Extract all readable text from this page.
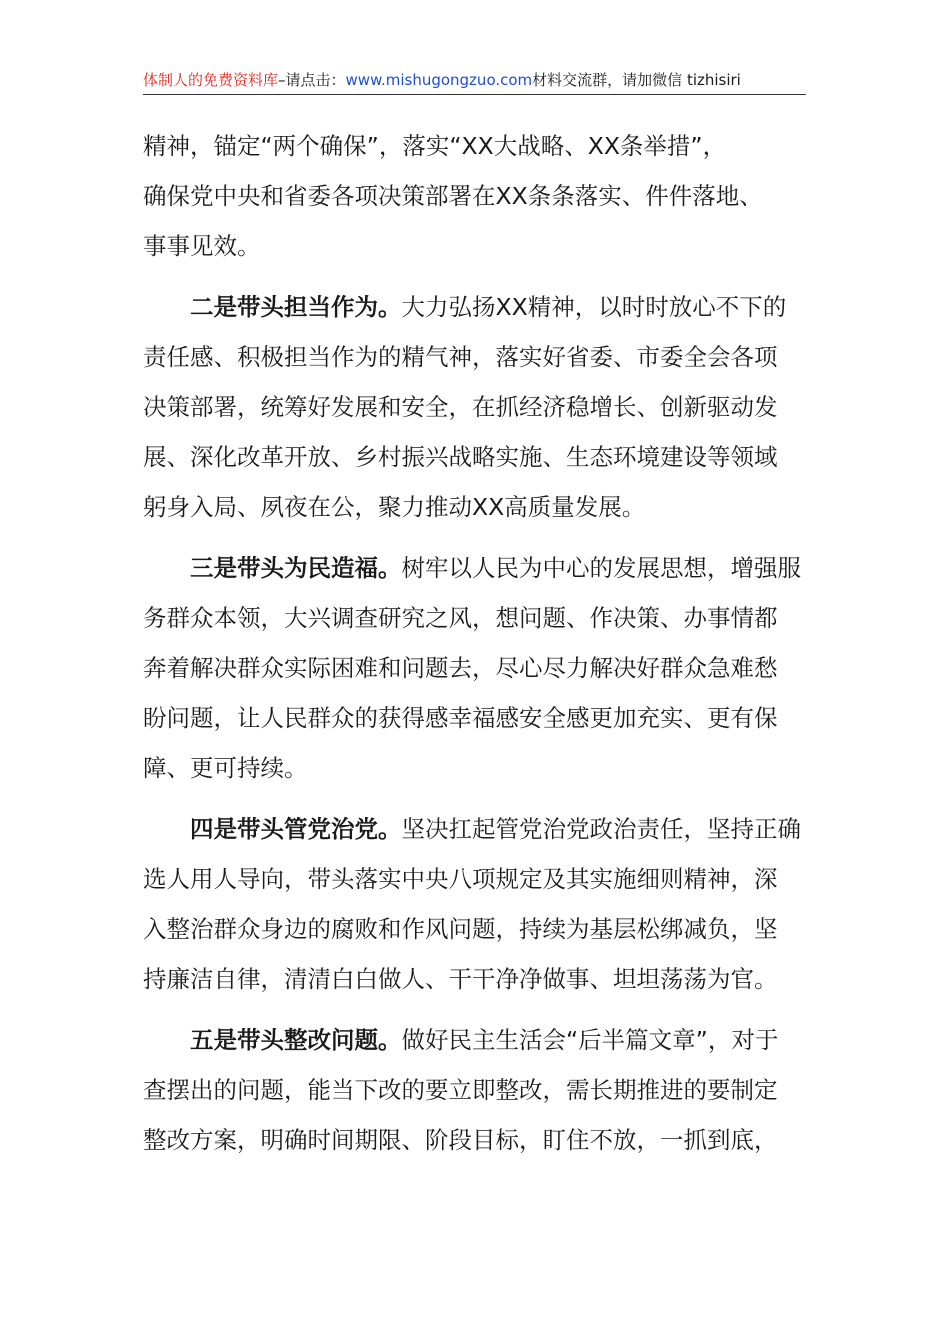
体制人的免费资料库–请点击：www.mishugongzuo.com材料交流群，请加微信 tizhisiri

精神，锚定“两个确保”，落实“XX大战略、XX条举措”，
确保党中央和省委各项决策部署在XX条条落实、件件落地、
事事见效。

二是带头担当作为。大力弘扬XX精神，以时时放心不下的
责任感、积极担当作为的精气神，落实好省委、市委全会各项
决策部署，统筹好发展和安全，在抓经济稳增长、创新驱动发
展、深化改革开放、乡村振兴战略实施、生态环境建设等领域
躬身入局、夙夜在公，聚力推动XX高质量发展。

三是带头为民造福。树牢以人民为中心的发展思想，增强服
务群众本领，大兴调查研究之风，想问题、作决策、办事情都
奔着解决群众实际困难和问题去，尽心尽力解决好群众急难愁
盼问题，让人民群众的获得感幸福感安全感更加充实、更有保
障、更可持续。

四是带头管党治党。坚决扛起管党治党政治责任，坚持正确
选人用人导向，带头落实中央八项规定及其实施细则精神，深
入整治群众身边的腐败和作风问题，持续为基层松绑减负，坚
持廉洁自律，清清白白做人、干干净净做事、坦坦荡荡为官。

五是带头整改问题。做好民主生活会“后半篇文章”，对于
查摆出的问题，能当下改的要立即整改，需长期推进的要制定
整改方案，明确时间期限、阶段目标，盯住不放，一抓到底，
